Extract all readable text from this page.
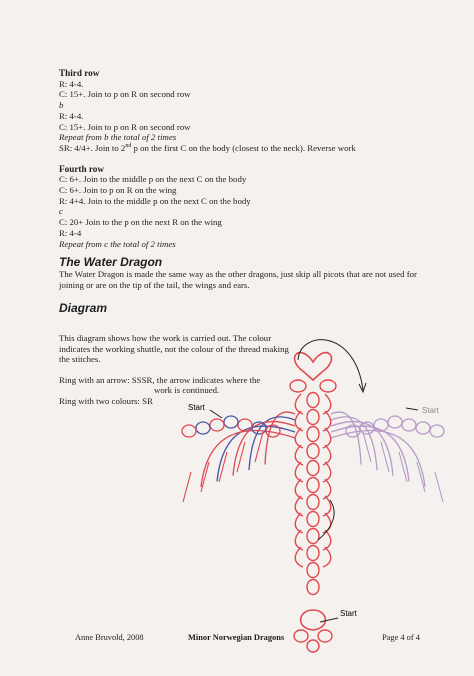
Third row
R: 4-4.
C: 15+. Join to p on R on second row
b
R: 4-4.
C: 15+. Join to p on R on second row
Repeat from b the total of 2 times
SR: 4/4+. Join to 2nd p on the first C on the body (closest to the neck). Reverse work
Fourth row
C: 6+. Join to the middle p on the next C on the body
C: 6+. Join to p on R on the wing
R: 4+4. Join to the middle p on the next C on the body
c
C: 20+ Join to the p on the next R on the wing
R: 4-4
Repeat from c the total of 2 times
The Water Dragon
The Water Dragon is made the same way as the other dragons, just skip all picots that are not used for joining or are on the tip of the tail, the wings and ears.
Diagram
This diagram shows how the work is carried out. The colour indicates the working shuttle, not the colour of the thread making the stitches.
Ring with an arrow: SSSR, the arrow indicates where the
work is continued.
Ring with two colours: SR
Start	Start
Start
Anne Bruvold, 2008	Minor Norwegian Dragons	Page 4 of 4
